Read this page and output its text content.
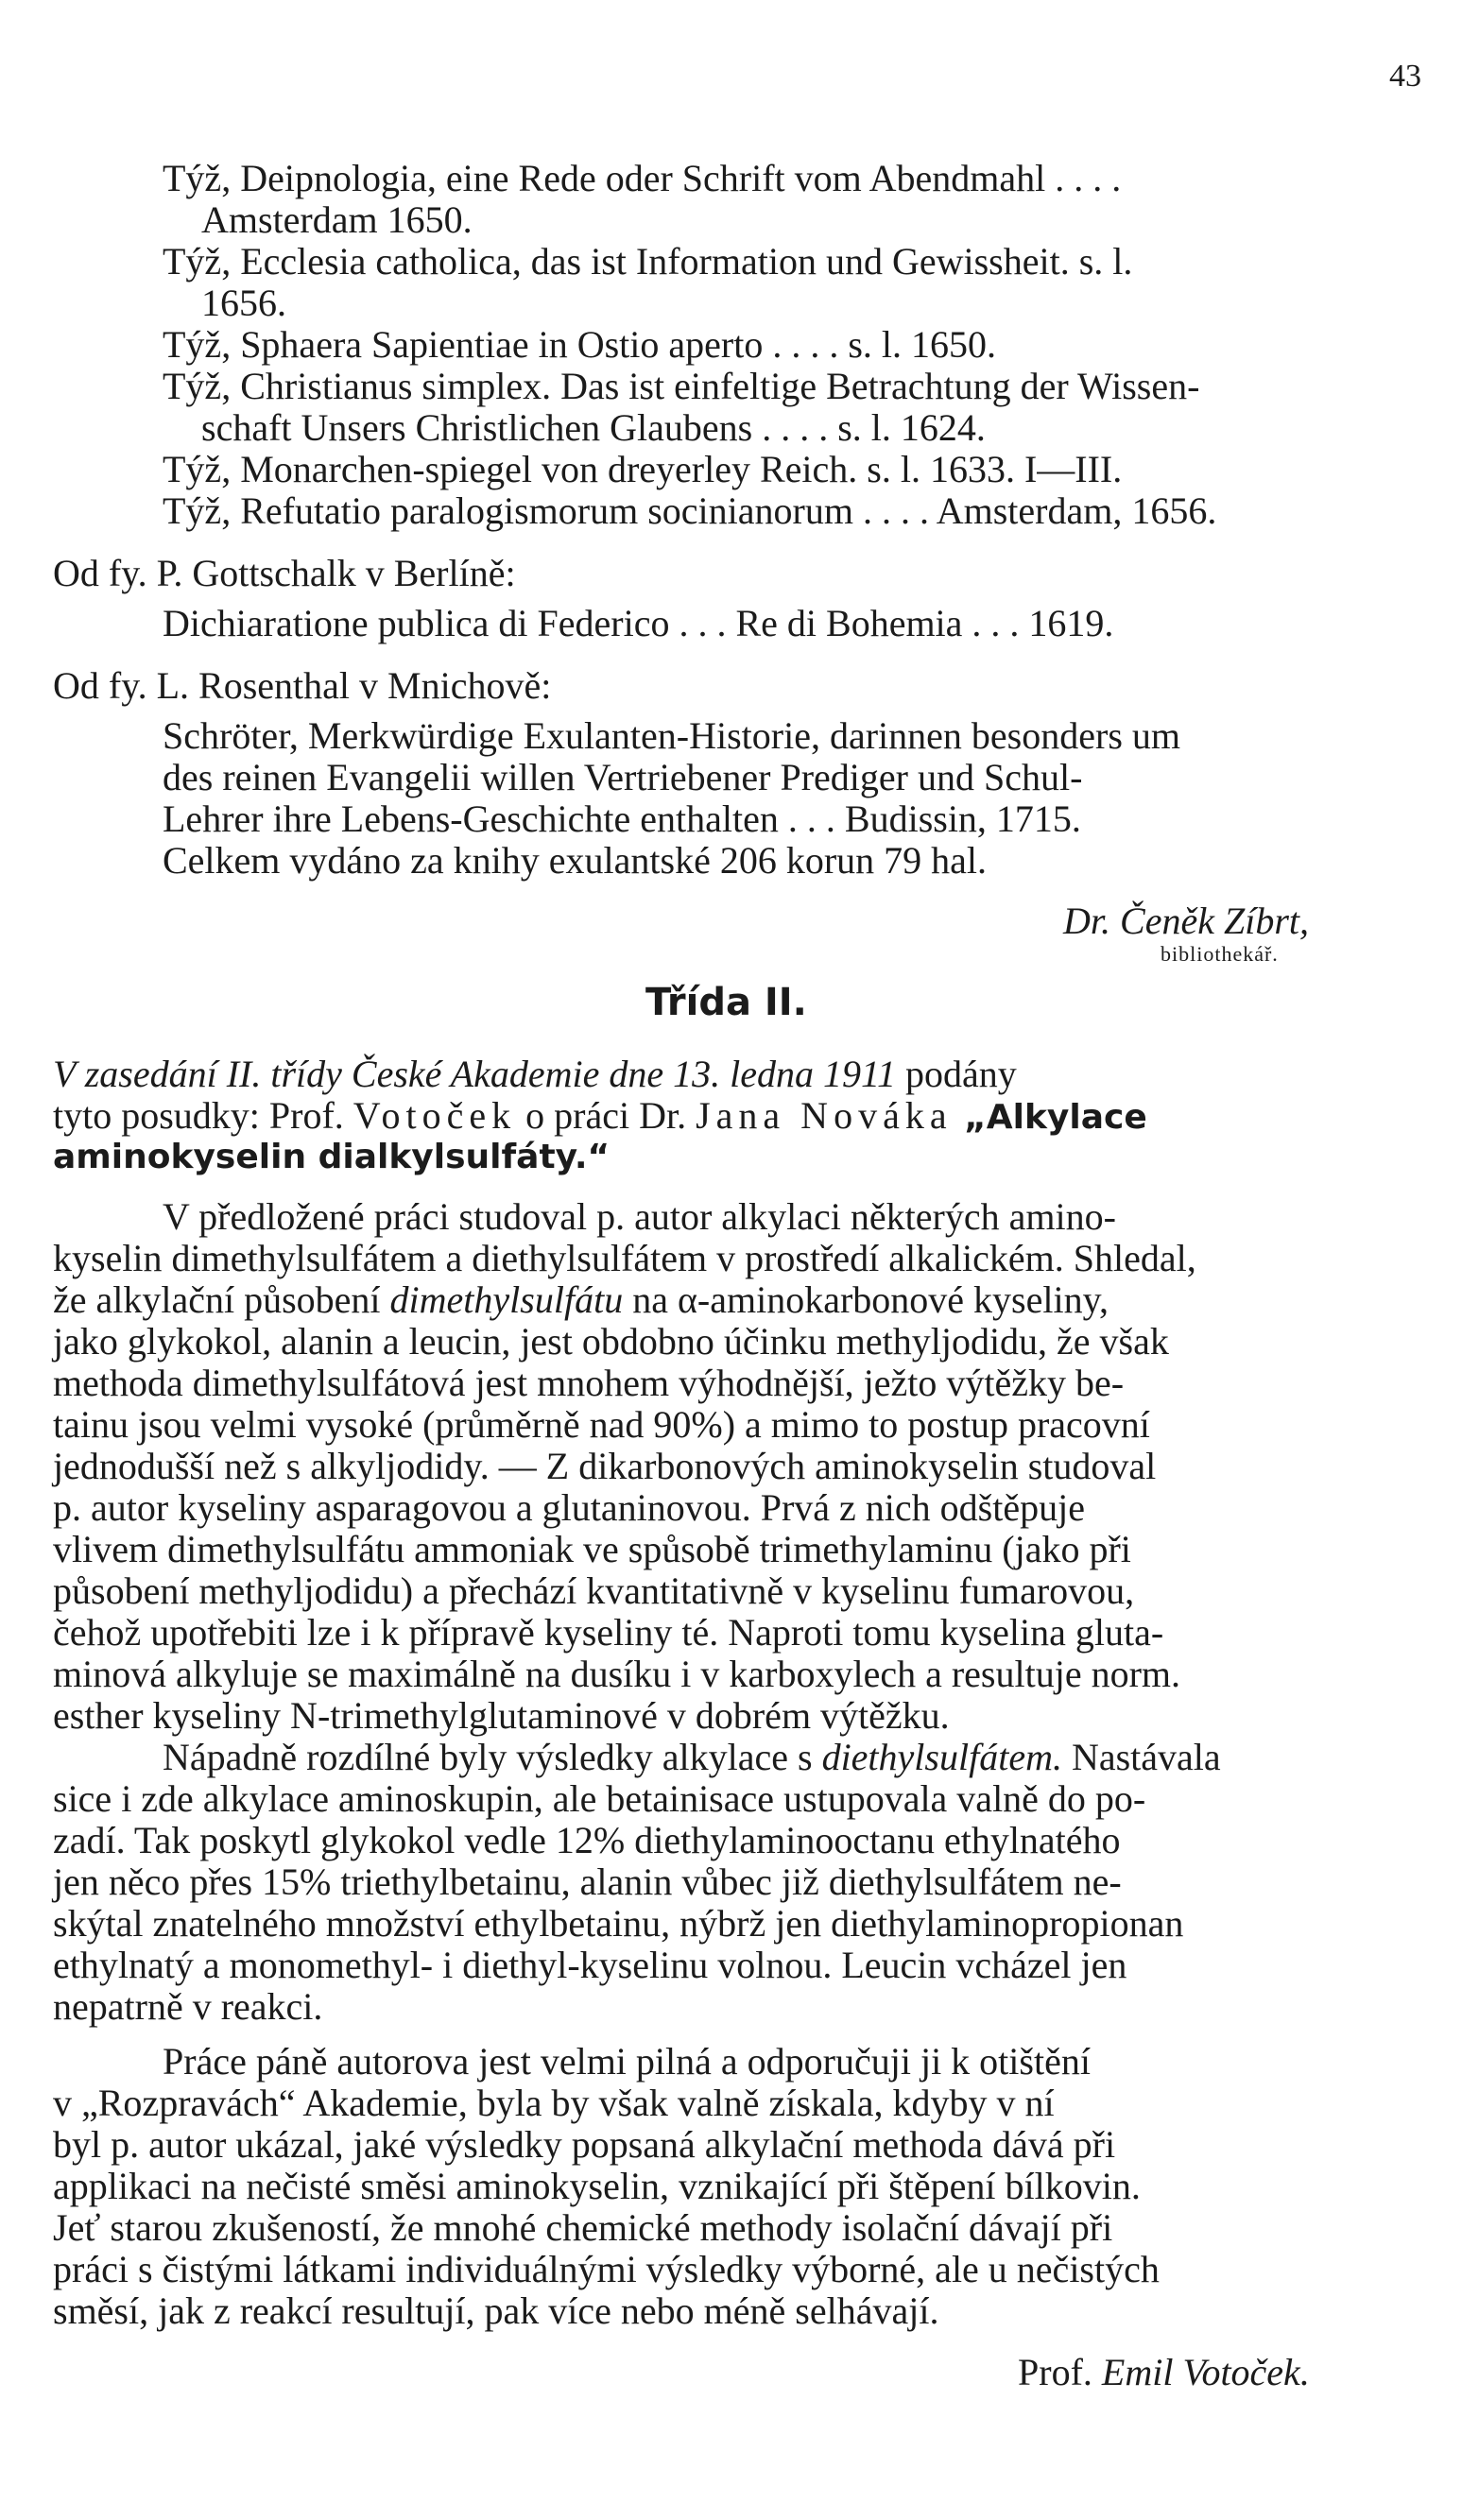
43
Týž, Deipnologia, eine Rede oder Schrift vom Abendmahl . . . .
Amsterdam 1650.
Týž, Ecclesia catholica, das ist Information und Gewissheit. s. l.
1656.
Týž, Sphaera Sapientiae in Ostio aperto . . . . s. l. 1650.
Týž, Christianus simplex. Das ist einfeltige Betrachtung der Wissen-
schaft Unsers Christlichen Glaubens . . . . s. l. 1624.
Týž, Monarchen-spiegel von dreyerley Reich. s. l. 1633. I—III.
Týž, Refutatio paralogismorum socinianorum . . . . Amsterdam, 1656.
Od fy. P. Gottschalk v Berlíně:
Dichiaratione publica di Federico . . . Re di Bohemia . . . 1619.
Od fy. L. Rosenthal v Mnichově:
Schröter, Merkwürdige Exulanten-Historie, darinnen besonders um
des reinen Evangelii willen Vertriebener Prediger und Schul-
Lehrer ihre Lebens-Geschichte enthalten . . . Budissin, 1715.
Celkem vydáno za knihy exulantské 206 korun 79 hal.
Dr. Čeněk Zíbrt,
bibliothekář.
Třída II.
V zasedání II. třídy České Akademie dne 13. ledna 1911 podány
tyto posudky: Prof. Votoček o práci Dr. Jana Nováka „Alkylace
aminokyselin dialkylsulfáty.“
V předložené práci studoval p. autor alkylaci některých amino-
kyselin dimethylsulfátem a diethylsulfátem v prostředí alkalickém. Shledal,
že alkylační působení dimethylsulfátu na α-aminokarbonové kyseliny,
jako glykokol, alanin a leucin, jest obdobno účinku methyljodidu, že však
methoda dimethylsulfátová jest mnohem výhodnější, ježto výtěžky be-
tainu jsou velmi vysoké (průměrně nad 90%) a mimo to postup pracovní
jednodušší než s alkyljodidy. — Z dikarbonových aminokyselin studoval
p. autor kyseliny asparagovou a glutaninovou. Prvá z nich odštěpuje
vlivem dimethylsulfátu ammoniak ve spůsobě trimethylaminu (jako při
působení methyljodidu) a přechází kvantitativně v kyselinu fumarovou,
čehož upotřebiti lze i k přípravě kyseliny té. Naproti tomu kyselina gluta-
minová alkyluje se maximálně na dusíku i v karboxylech a resultuje norm.
esther kyseliny N-trimethylglutaminové v dobrém výtěžku.
Nápadně rozdílné byly výsledky alkylace s diethylsulfátem. Nastávala
sice i zde alkylace aminoskupin, ale betainisace ustupovala valně do po-
zadí. Tak poskytl glykokol vedle 12% diethylaminooctanu ethylnatého
jen něco přes 15% triethylbetainu, alanin vůbec již diethylsulfátem ne-
skýtal znatelného množství ethylbetainu, nýbrž jen diethylaminopropionan
ethylnatý a monomethyl- i diethyl-kyselinu volnou. Leucin vcházel jen
nepatrně v reakci.
Práce páně autorova jest velmi pilná a odporučuji ji k otištění
v „Rozpravách“ Akademie, byla by však valně získala, kdyby v ní
byl p. autor ukázal, jaké výsledky popsaná alkylační methoda dává při
applikaci na nečisté směsi aminokyselin, vznikající při štěpení bílkovin.
Jeť starou zkušeností, že mnohé chemické methody isolační dávají při
práci s čistými látkami individuálnými výsledky výborné, ale u nečistých
směsí, jak z reakcí resultují, pak více nebo méně selhávají.
Prof. Emil Votoček.
